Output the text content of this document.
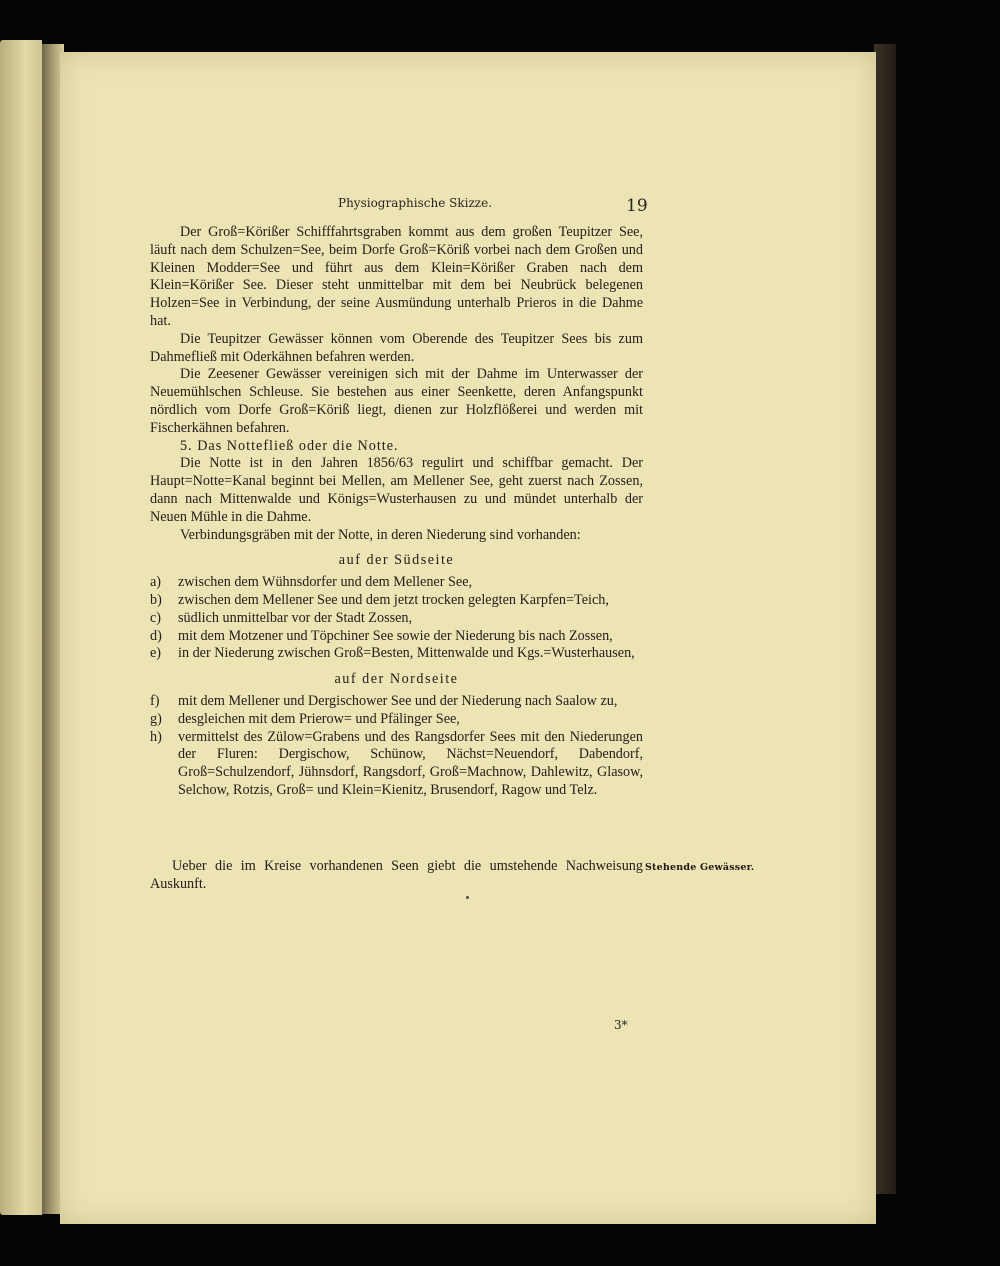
Physiographische Skizze.	19

Der Groß=Körißer Schifffahrtsgraben kommt aus dem großen Teupitzer See, läuft nach dem Schulzen=See, beim Dorfe Groß=Köriß vorbei nach dem Großen und Kleinen Modder=See und führt aus dem Klein=Körißer Graben nach dem Klein=Körißer See. Dieser steht unmittelbar mit dem bei Neubrück belegenen Holzen=See in Verbindung, der seine Ausmündung unterhalb Prieros in die Dahme hat.

Die Teupitzer Gewässer können vom Oberende des Teupitzer Sees bis zum Dahmefließ mit Oderkähnen befahren werden.

Die Zeesener Gewässer vereinigen sich mit der Dahme im Unterwasser der Neuemühlschen Schleuse. Sie bestehen aus einer Seenkette, deren Anfangspunkt nördlich vom Dorfe Groß=Köriß liegt, dienen zur Holzflößerei und werden mit Fischerkähnen befahren.

5. Das Nottefließ oder die Notte.

Die Notte ist in den Jahren 1856/63 regulirt und schiffbar gemacht. Der Haupt=Notte=Kanal beginnt bei Mellen, am Mellener See, geht zuerst nach Zossen, dann nach Mittenwalde und Königs=Wusterhausen zu und mündet unterhalb der Neuen Mühle in die Dahme.

Verbindungsgräben mit der Notte, in deren Niederung sind vorhanden:

auf der Südseite
a)	zwischen dem Wühnsdorfer und dem Mellener See,
b)	zwischen dem Mellener See und dem jetzt trocken gelegten Karpfen=Teich,
c)	südlich unmittelbar vor der Stadt Zossen,
d)	mit dem Motzener und Töpchiner See sowie der Niederung bis nach Zossen,
e)	in der Niederung zwischen Groß=Besten, Mittenwalde und Kgs.=Wusterhausen,
auf der Nordseite
f)	mit dem Mellener und Dergischower See und der Niederung nach Saalow zu,
g)	desgleichen mit dem Prierow= und Pfälinger See,
h)	vermittelst des Zülow=Grabens und des Rangsdorfer Sees mit den Niederungen der Fluren: Dergischow, Schünow, Nächst=Neuendorf, Dabendorf, Groß=Schulzendorf, Jühnsdorf, Rangsdorf, Groß=Machnow, Dahlewitz, Glasow, Selchow, Rotzis, Groß= und Klein=Kienitz, Brusendorf, Ragow und Telz.

Ueber die im Kreise vorhandenen Seen giebt die umstehende Nachweisung Auskunft.

Stehende Gewässer.
3*
